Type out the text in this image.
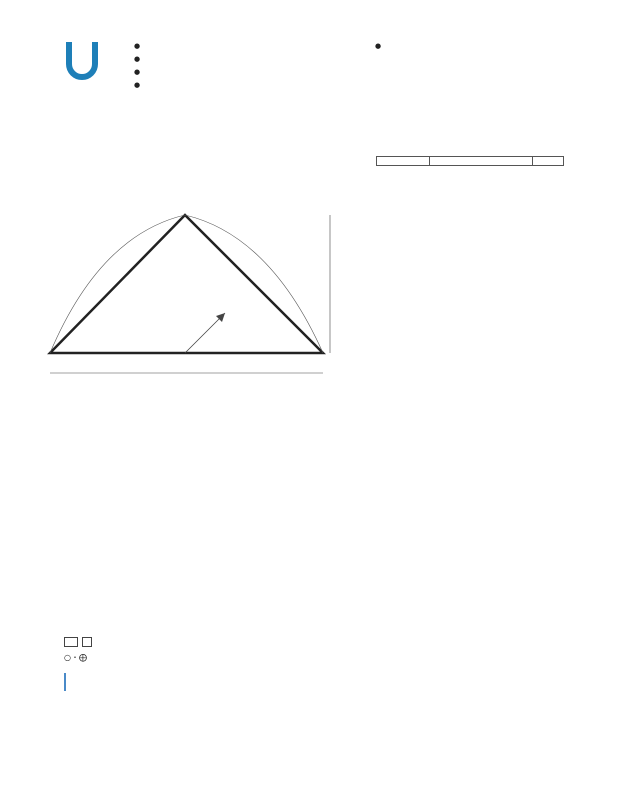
●
●
●
●
●

○・⨁
